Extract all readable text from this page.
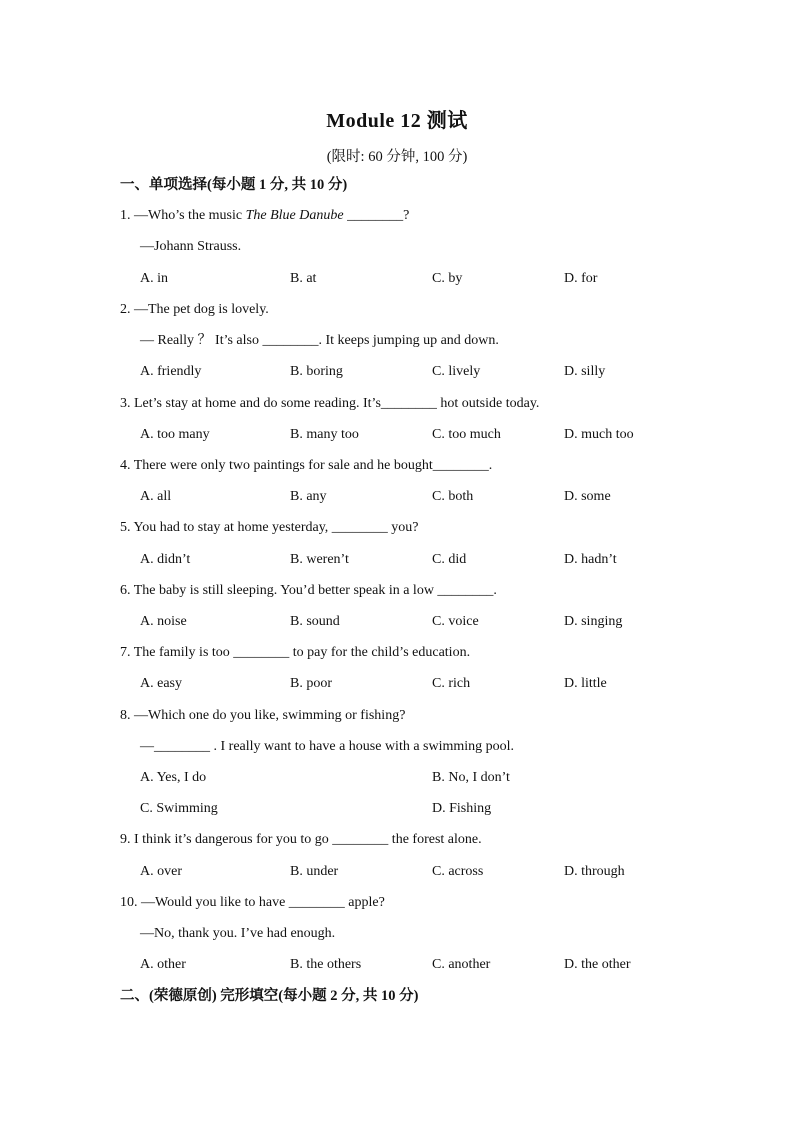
Module 12 测试
(限时: 60 分钟, 100 分)
一、单项选择(每小题 1 分, 共 10 分)
1. —Who’s the music The Blue Danube ________?
—Johann Strauss.
A. in	B. at	C. by	D. for
2. —The pet dog is lovely.
— Really ？ It’s also ________. It keeps jumping up and down.
A. friendly	B. boring	C. lively	D. silly
3. Let’s stay at home and do some reading. It’s________ hot outside today.
A. too many	B. many too	C. too much	D. much too
4. There were only two paintings for sale and he bought________.
A. all	B. any	C. both	D. some
5. You had to stay at home yesterday, ________ you?
A. didn’t	B. weren’t	C. did	D. hadn’t
6. The baby is still sleeping. You’d better speak in a low ________.
A. noise	B. sound	C. voice	D. singing
7. The family is too ________ to pay for the child’s education.
A. easy	B. poor	C. rich	D. little
8. —Which one do you like, swimming or fishing?
—________ . I really want to have a house with a swimming pool.
A. Yes, I do	B. No, I don’t
C. Swimming	D. Fishing
9. I think it’s dangerous for you to go ________ the forest alone.
A. over	B. under	C. across	D. through
10. —Would you like to have ________ apple?
—No, thank you. I’ve had enough.
A. other	B. the others	C. another	D. the other
二、(荣德原创) 完形填空(每小题 2 分, 共 10 分)
